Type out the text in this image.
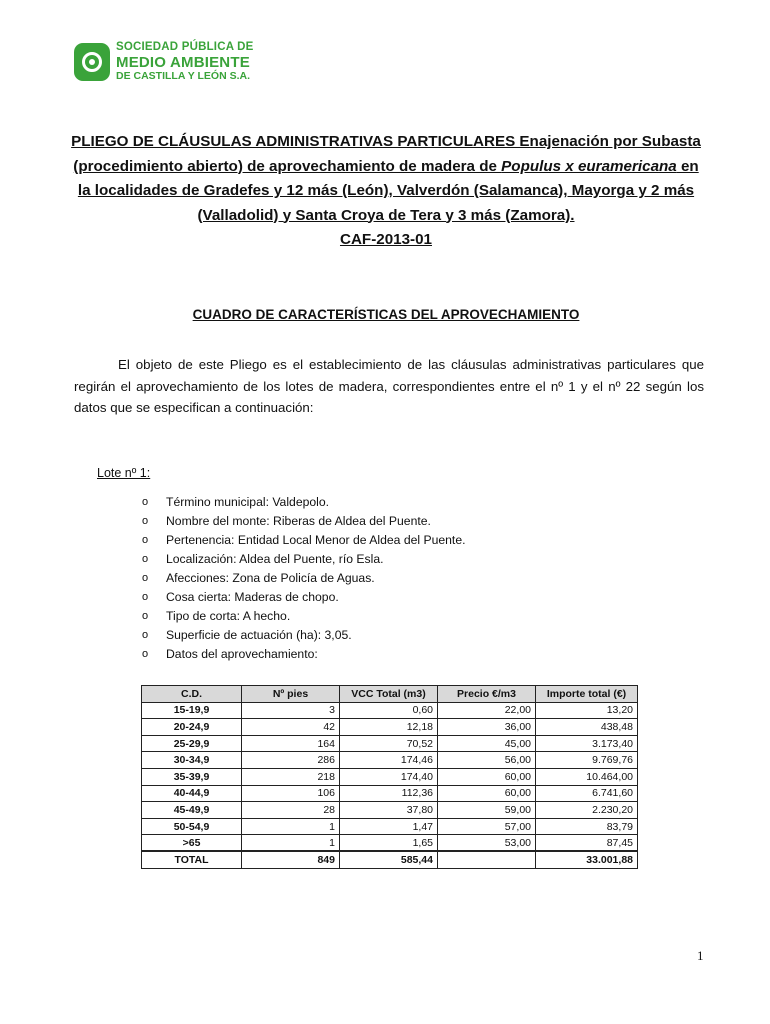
SOCIEDAD PÚBLICA DE
MEDIO AMBIENTE
DE CASTILLA Y LEÓN S.A.
PLIEGO DE CLÁUSULAS ADMINISTRATIVAS PARTICULARES Enajenación por Subasta (procedimiento abierto) de aprovechamiento de madera de Populus x euramericana en la localidades de Gradefes y 12 más (León), Valverdón (Salamanca), Mayorga y 2 más (Valladolid) y Santa Croya de Tera y 3 más (Zamora).
CAF-2013-01
CUADRO DE CARACTERÍSTICAS DEL APROVECHAMIENTO

El objeto de este Pliego es el establecimiento de las cláusulas administrativas particulares que regirán el aprovechamiento de los lotes de madera, correspondientes entre el nº 1 y el nº 22 según los datos que se especifican a continuación:

Lote nº 1:
o	Término municipal: Valdepolo.
o	Nombre del monte: Riberas de Aldea del Puente.
o	Pertenencia: Entidad Local Menor de Aldea del Puente.
o	Localización: Aldea del Puente, río Esla.
o	Afecciones: Zona de Policía de Aguas.
o	Cosa cierta: Maderas de chopo.
o	Tipo de corta: A hecho.
o	Superficie de actuación (ha): 3,05.
o	Datos del aprovechamiento:
C.D.	Nº pies	VCC Total (m3)	Precio €/m3	Importe total (€)
15-19,9	3	0,60	22,00	13,20
20-24,9	42	12,18	36,00	438,48
25-29,9	164	70,52	45,00	3.173,40
30-34,9	286	174,46	56,00	9.769,76
35-39,9	218	174,40	60,00	10.464,00
40-44,9	106	112,36	60,00	6.741,60
45-49,9	28	37,80	59,00	2.230,20
50-54,9	1	1,47	57,00	83,79
>65	1	1,65	53,00	87,45
TOTAL	849	585,44		33.001,88
1
